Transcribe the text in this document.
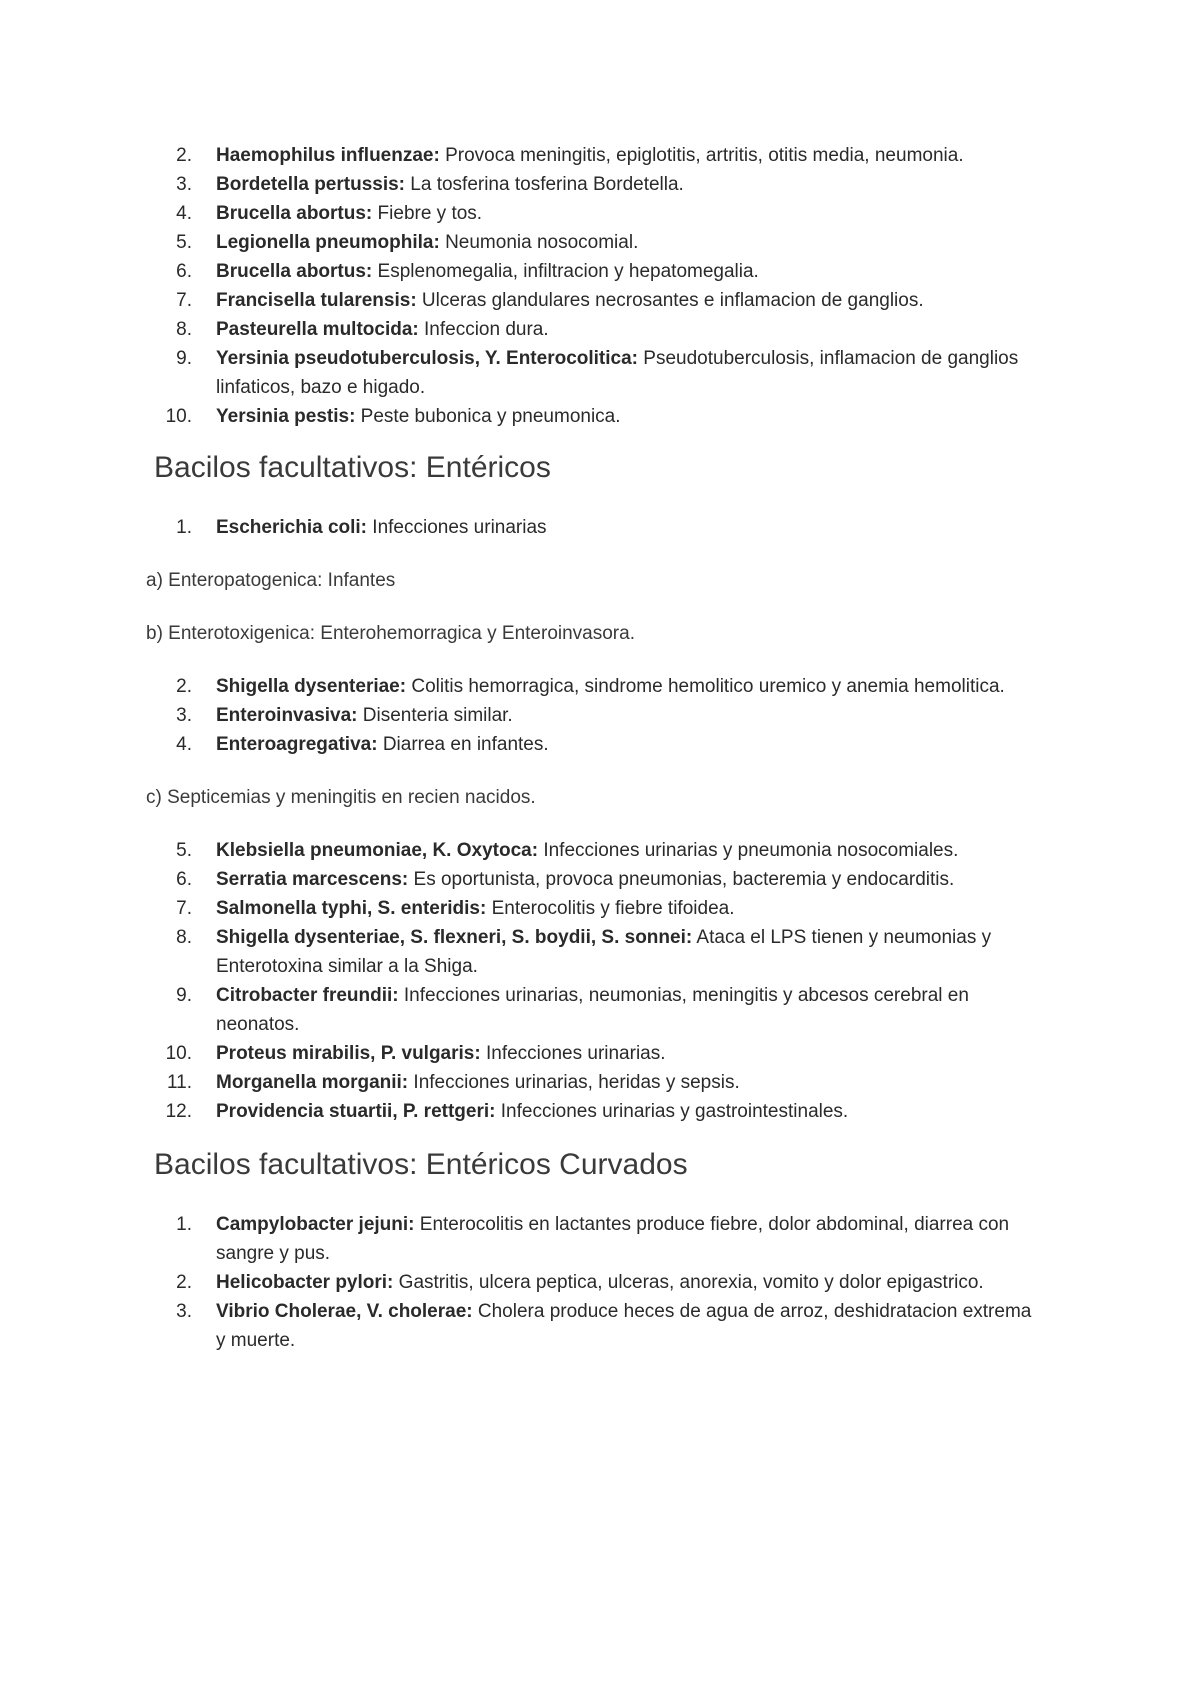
2. Haemophilus influenzae: Provoca meningitis, epiglotitis, artritis, otitis media, neumonia.
3. Bordetella pertussis: La tosferina tosferina Bordetella.
4. Brucella abortus: Fiebre y tos.
5. Legionella pneumophila: Neumonia nosocomial.
6. Brucella abortus: Esplenomegalia, infiltracion y hepatomegalia.
7. Francisella tularensis: Ulceras glandulares necrosantes e inflamacion de ganglios.
8. Pasteurella multocida: Infeccion dura.
9. Yersinia pseudotuberculosis, Y. Enterocolitica: Pseudotuberculosis, inflamacion de ganglios linfaticos, bazo e higado.
10. Yersinia pestis: Peste bubonica y pneumonica.
Bacilos facultativos: Entéricos
1. Escherichia coli: Infecciones urinarias

a) Enteropatogenica: Infantes

b) Enterotoxigenica: Enterohemorragica y Enteroinvasora.

2. Shigella dysenteriae: Colitis hemorragica, sindrome hemolitico uremico y anemia hemolitica.
3. Enteroinvasiva: Disenteria similar.
4. Enteroagregativa: Diarrea en infantes.

c) Septicemias y meningitis en recien nacidos.

5. Klebsiella pneumoniae, K. Oxytoca: Infecciones urinarias y pneumonia nosocomiales.
6. Serratia marcescens: Es oportunista, provoca pneumonias, bacteremia y endocarditis.
7. Salmonella typhi, S. enteridis: Enterocolitis y fiebre tifoidea.
8. Shigella dysenteriae, S. flexneri, S. boydii, S. sonnei: Ataca el LPS tienen y neumonias y Enterotoxina similar a la Shiga.
9. Citrobacter freundii: Infecciones urinarias, neumonias, meningitis y abcesos cerebral en neonatos.
10. Proteus mirabilis, P. vulgaris: Infecciones urinarias.
11. Morganella morganii: Infecciones urinarias, heridas y sepsis.
12. Providencia stuartii, P. rettgeri: Infecciones urinarias y gastrointestinales.
Bacilos facultativos: Entéricos Curvados
1. Campylobacter jejuni: Enterocolitis en lactantes produce fiebre, dolor abdominal, diarrea con sangre y pus.
2. Helicobacter pylori: Gastritis, ulcera peptica, ulceras, anorexia, vomito y dolor epigastrico.
3. Vibrio Cholerae, V. cholerae: Cholera produce heces de agua de arroz, deshidratacion extrema y muerte.
